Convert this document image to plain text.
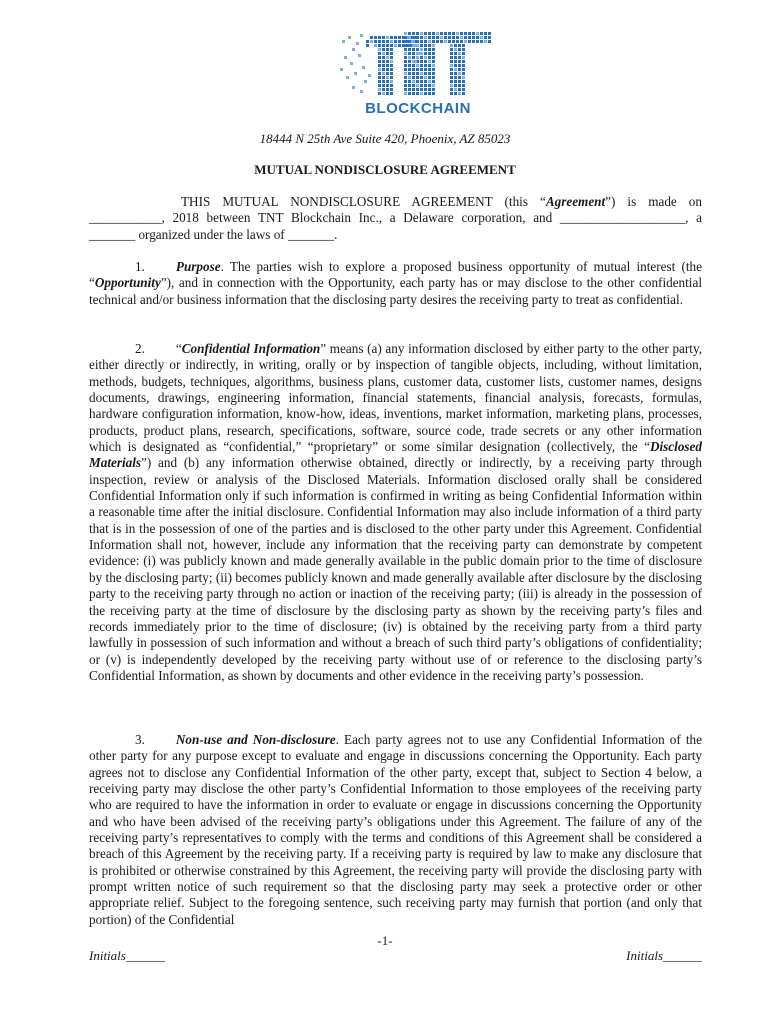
BLOCKCHAIN
18444 N 25th Ave Suite 420, Phoenix, AZ 85023
MUTUAL NONDISCLOSURE AGREEMENT
THIS MUTUAL NONDISCLOSURE AGREEMENT (this “Agreement”) is made on ___________, 2018 between TNT Blockchain Inc., a Delaware corporation, and ___________________, a _______ organized under the laws of _______.
1. Purpose. The parties wish to explore a proposed business opportunity of mutual interest (the “Opportunity”), and in connection with the Opportunity, each party has or may disclose to the other confidential technical and/or business information that the disclosing party desires the receiving party to treat as confidential.
2. “Confidential Information” means (a) any information disclosed by either party to the other party, either directly or indirectly, in writing, orally or by inspection of tangible objects, including, without limitation, methods, budgets, techniques, algorithms, business plans, customer data, customer lists, customer names, designs documents, drawings, engineering information, financial statements, financial analysis, forecasts, formulas, hardware configuration information, know-how, ideas, inventions, market information, marketing plans, processes, products, product plans, research, specifications, software, source code, trade secrets or any other information which is designated as “confidential,” “proprietary” or some similar designation (collectively, the “Disclosed Materials”) and (b) any information otherwise obtained, directly or indirectly, by a receiving party through inspection, review or analysis of the Disclosed Materials. Information disclosed orally shall be considered Confidential Information only if such information is confirmed in writing as being Confidential Information within a reasonable time after the initial disclosure. Confidential Information may also include information of a third party that is in the possession of one of the parties and is disclosed to the other party under this Agreement. Confidential Information shall not, however, include any information that the receiving party can demonstrate by competent evidence: (i) was publicly known and made generally available in the public domain prior to the time of disclosure by the disclosing party; (ii) becomes publicly known and made generally available after disclosure by the disclosing party to the receiving party through no action or inaction of the receiving party; (iii) is already in the possession of the receiving party at the time of disclosure by the disclosing party as shown by the receiving party’s files and records immediately prior to the time of disclosure; (iv) is obtained by the receiving party from a third party lawfully in possession of such information and without a breach of such third party’s obligations of confidentiality; or (v) is independently developed by the receiving party without use of or reference to the disclosing party’s Confidential Information, as shown by documents and other evidence in the receiving party’s possession.
3. Non-use and Non-disclosure. Each party agrees not to use any Confidential Information of the other party for any purpose except to evaluate and engage in discussions concerning the Opportunity. Each party agrees not to disclose any Confidential Information of the other party, except that, subject to Section 4 below, a receiving party may disclose the other party’s Confidential Information to those employees of the receiving party who are required to have the information in order to evaluate or engage in discussions concerning the Opportunity and who have been advised of the receiving party’s obligations under this Agreement. The failure of any of the receiving party’s representatives to comply with the terms and conditions of this Agreement shall be considered a breach of this Agreement by the receiving party. If a receiving party is required by law to make any disclosure that is prohibited or otherwise constrained by this Agreement, the receiving party will provide the disclosing party with prompt written notice of such requirement so that the disclosing party may seek a protective order or other appropriate relief. Subject to the foregoing sentence, such receiving party may furnish that portion (and only that portion) of the Confidential
-1-
Initials______	Initials______
